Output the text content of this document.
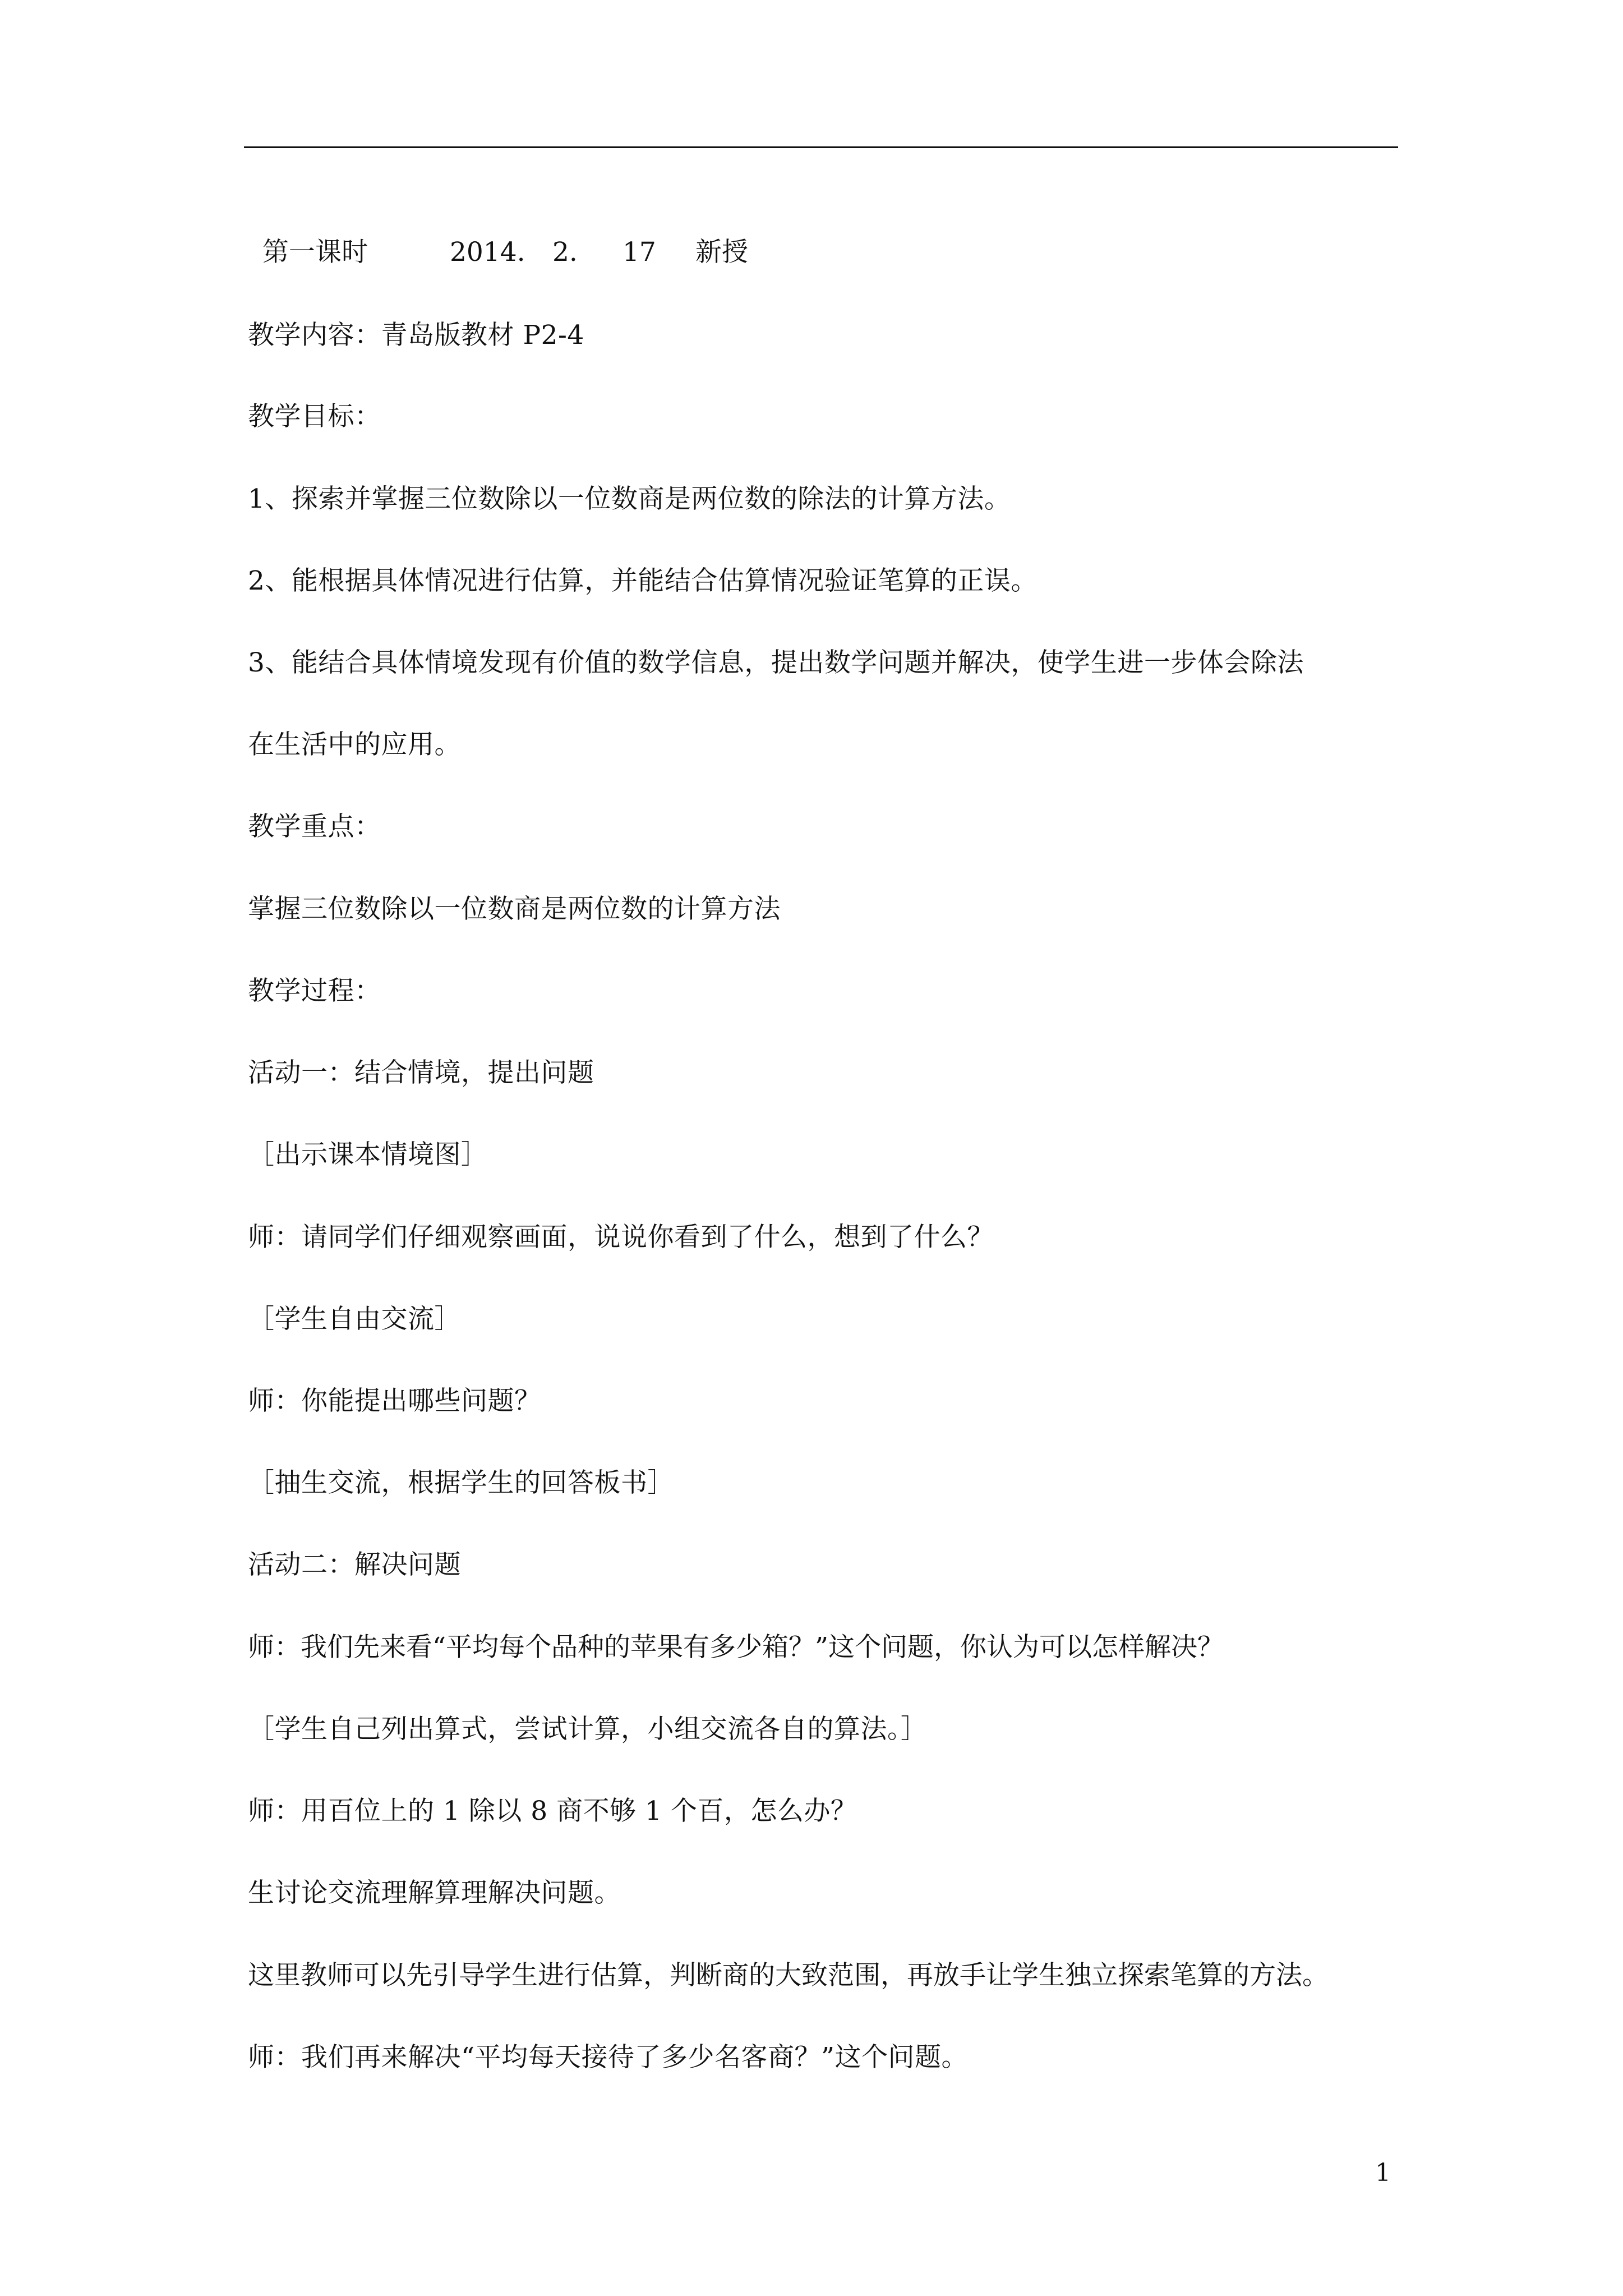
第一课时	2014. 2. 17 新授
教学内容：青岛版教材 P2-4
教学目标：
1、探索并掌握三位数除以一位数商是两位数的除法的计算方法。
2、能根据具体情况进行估算，并能结合估算情况验证笔算的正误。
3、能结合具体情境发现有价值的数学信息，提出数学问题并解决，使学生进一步体会除法
在生活中的应用。
教学重点：
掌握三位数除以一位数商是两位数的计算方法
教学过程：
活动一：结合情境，提出问题
［出示课本情境图］
师：请同学们仔细观察画面，说说你看到了什么，想到了什么？
［学生自由交流］
师：你能提出哪些问题？
［抽生交流，根据学生的回答板书］
活动二：解决问题
师：我们先来看“平均每个品种的苹果有多少箱？”这个问题，你认为可以怎样解决？
［学生自己列出算式，尝试计算，小组交流各自的算法。］
师：用百位上的 1 除以 8 商不够 1 个百，怎么办？
生讨论交流理解算理解决问题。
这里教师可以先引导学生进行估算，判断商的大致范围，再放手让学生独立探索笔算的方法。
师：我们再来解决“平均每天接待了多少名客商？”这个问题。
1
